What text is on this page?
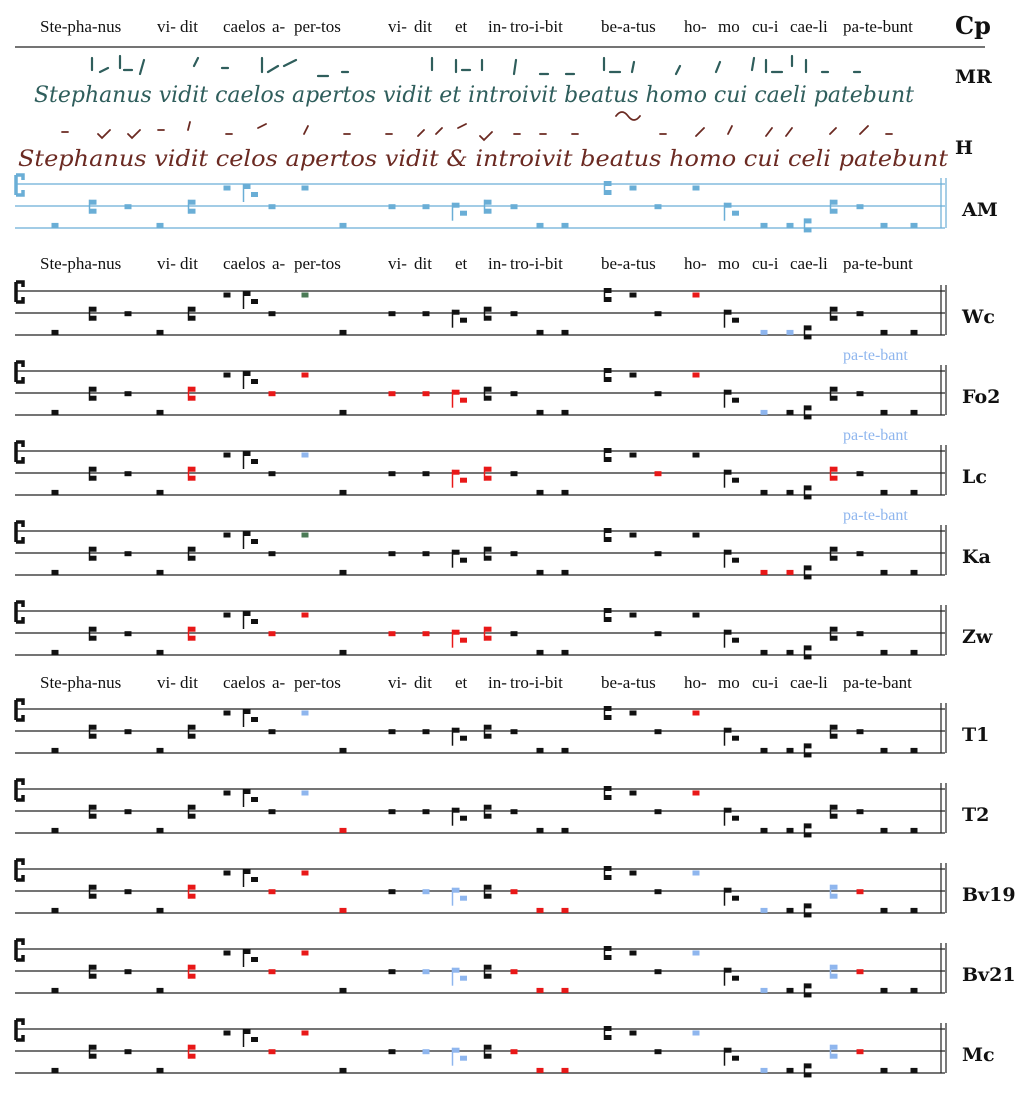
Ste-pha-nus vi- dit caelos a- per-tos	vi- dit et in- tro-i-bit be-a-tus ho- mo cu-i cae-li pa-te-bunt Cp
Stephanus vidit caelos apertos vidit et introivit beatus homo cui caeli patebunt
MR
Stephanus vidit celos apertos vidit & introivit beatus homo cui celi patebunt H
Ste-pha-nus vi- dit caelos a- per-tos	vi- dit et in- tro-i-bit be-a-tus ho- mo cu-i cae-li pa-te-bunt
Ste-pha-nus vi- dit caelos a- per-tos	vi- dit et in- tro-i-bit be-a-tus ho- mo cu-i cae-li pa-te-bant
AM
Wc
Fo2
Lc
Ka
Zw
T1
T2
Bv19
Bv21
Mc
pa-te-bant
pa-te-bant
pa-te-bant
